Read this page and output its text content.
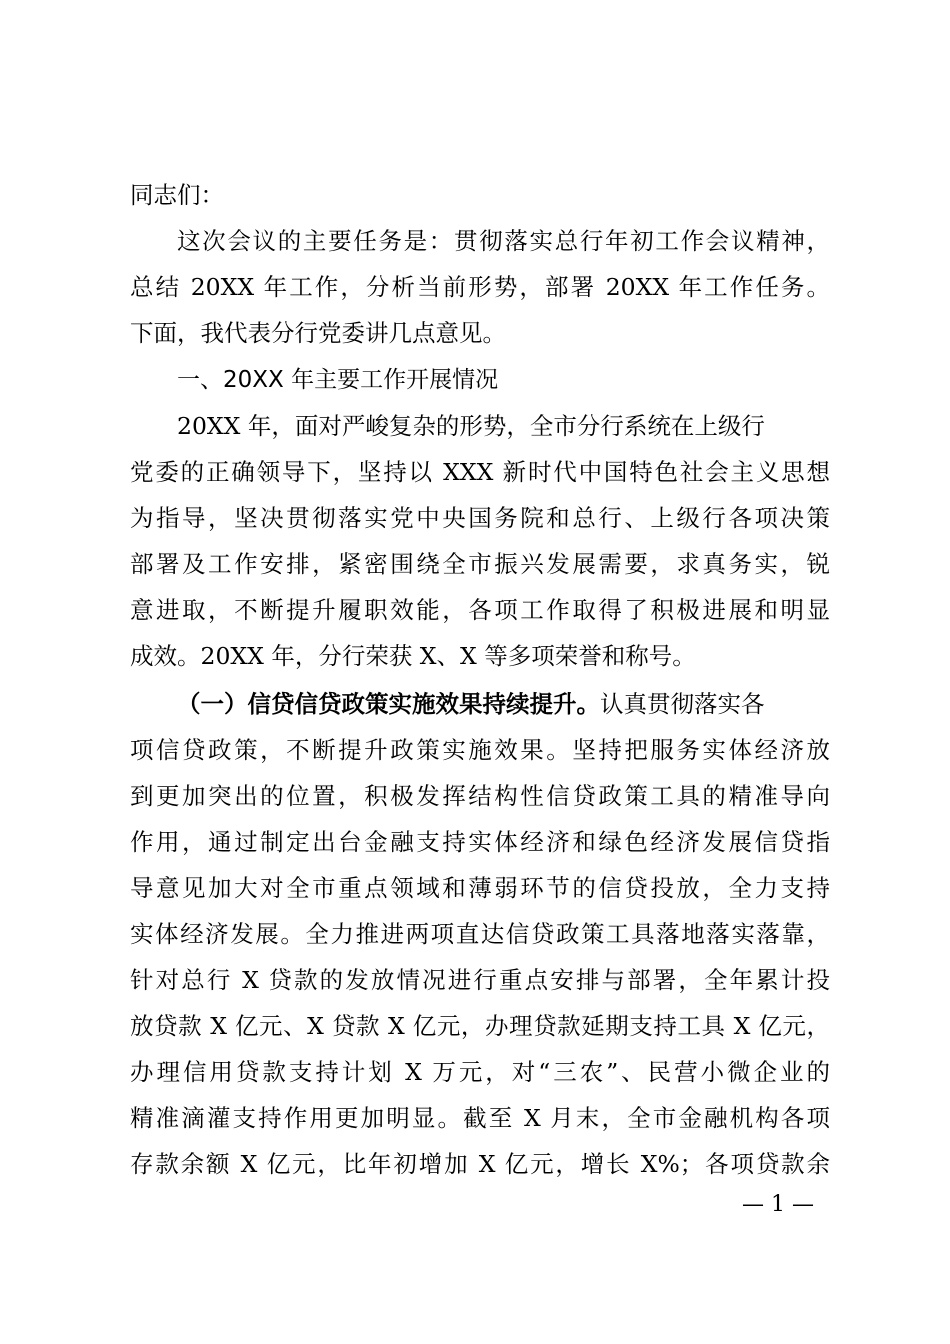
同志们：
这次会议的主要任务是：贯彻落实总行年初工作会议精神，
总结 20XX 年工作，分析当前形势，部署 20XX 年工作任务。
下面，我代表分行党委讲几点意见。
一、20XX 年主要工作开展情况
20XX 年，面对严峻复杂的形势，全市分行系统在上级行
党委的正确领导下，坚持以 XXX 新时代中国特色社会主义思想
为指导，坚决贯彻落实党中央国务院和总行、上级行各项决策
部署及工作安排，紧密围绕全市振兴发展需要，求真务实，锐
意进取，不断提升履职效能，各项工作取得了积极进展和明显
成效。20XX 年，分行荣获 X、X 等多项荣誉和称号。
（一）信贷信贷政策实施效果持续提升。认真贯彻落实各
项信贷政策，不断提升政策实施效果。坚持把服务实体经济放
到更加突出的位置，积极发挥结构性信贷政策工具的精准导向
作用，通过制定出台金融支持实体经济和绿色经济发展信贷指
导意见加大对全市重点领域和薄弱环节的信贷投放，全力支持
实体经济发展。全力推进两项直达信贷政策工具落地落实落靠，
针对总行 X 贷款的发放情况进行重点安排与部署，全年累计投
放贷款 X 亿元、X 贷款 X 亿元，办理贷款延期支持工具 X 亿元，
办理信用贷款支持计划 X 万元，对“三农”、民营小微企业的
精准滴灌支持作用更加明显。截至 X 月末，全市金融机构各项
存款余额 X 亿元，比年初增加 X 亿元，增长 X%；各项贷款余
— 1 —
